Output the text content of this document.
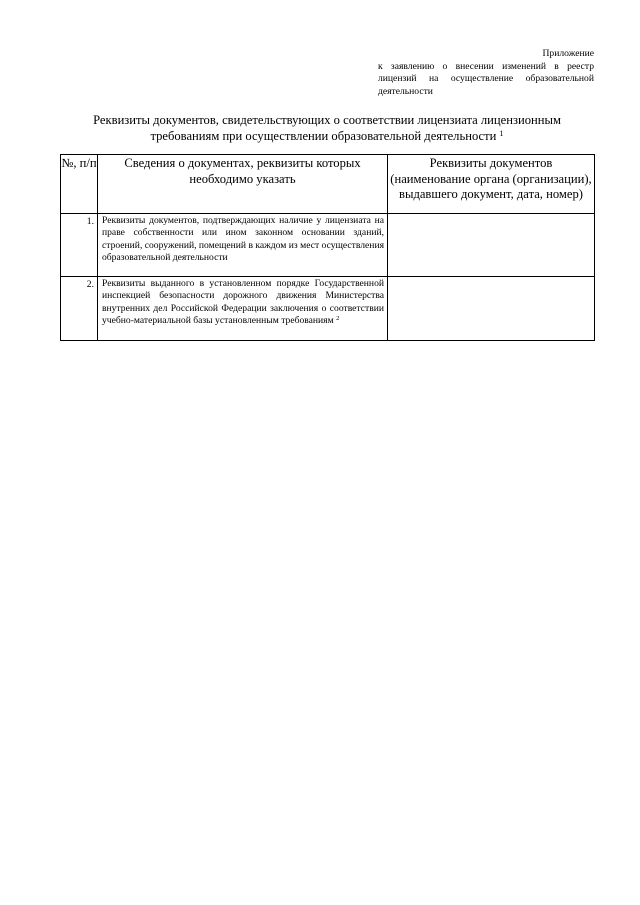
Приложение
к заявлению о внесении изменений в реестр
лицензий на осуществление образовательной
деятельности
Реквизиты документов, свидетельствующих о соответствии лицензиата лицензионным
требованиям при осуществлении образовательной деятельности $^1$
№, п/п	Сведения о документах, реквизиты которых необходимо указать	Реквизиты документов (наименование органа (организации), выдавшего документ, дата, номер)
1.	Реквизиты документов, подтверждающих наличие у лицензиата на праве собственности или ином законном основании зданий, строений, сооружений, помещений в каждом из мест осуществления образовательной деятельности	
2.	Реквизиты выданного в установленном порядке Государственной инспекцией безопасности дорожного движения Министерства внутренних дел Российской Федерации заключения о соответствии учебно-материальной базы установленным требованиям $^2$	
